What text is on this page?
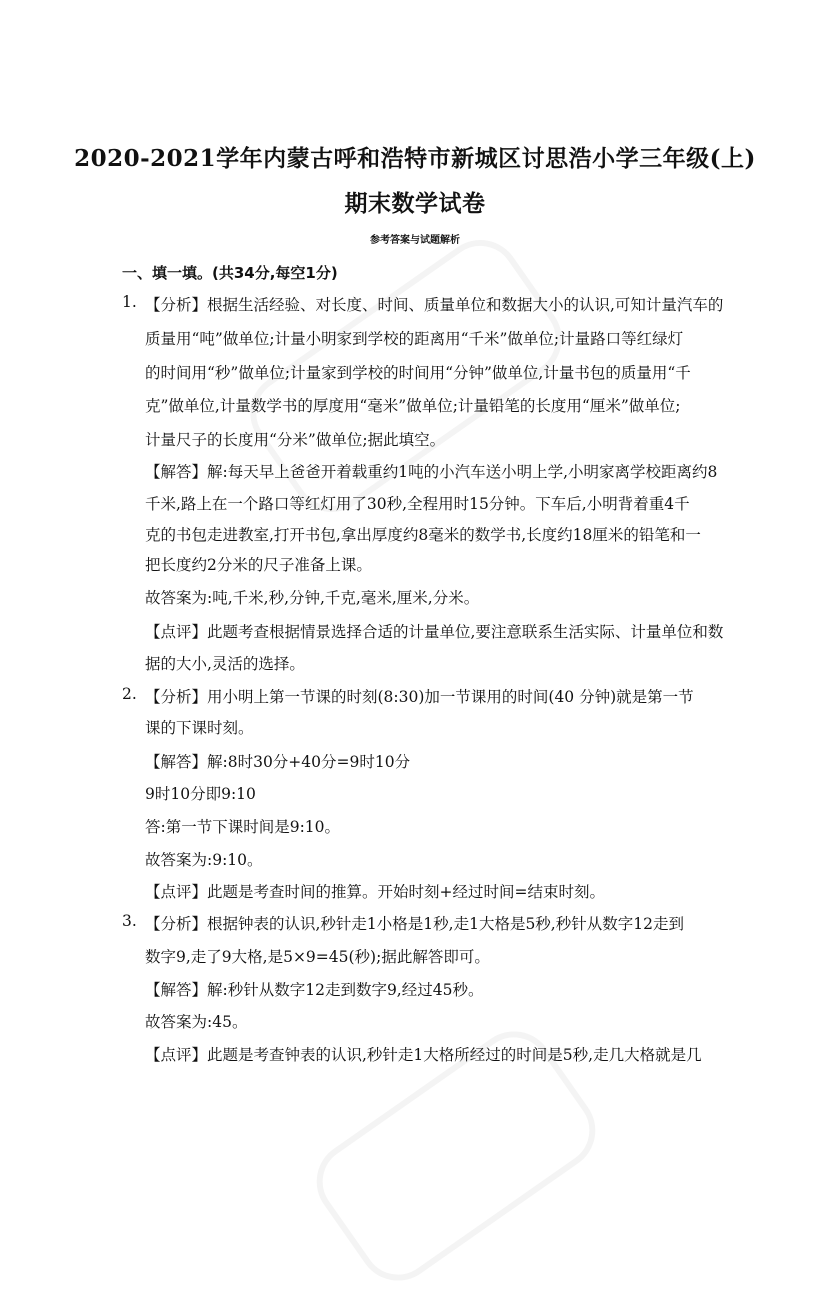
2020-2021学年内蒙古呼和浩特市新城区讨思浩小学三年级(上)
期末数学试卷
参考答案与试题解析
一、填一填。(共34分,每空1分)
1. 【分析】根据生活经验、对长度、时间、质量单位和数据大小的认识,可知计量汽车的
质量用“吨”做单位;计量小明家到学校的距离用“千米”做单位;计量路口等红绿灯
的时间用“秒”做单位;计量家到学校的时间用“分钟”做单位,计量书包的质量用“千
克”做单位,计量数学书的厚度用“毫米”做单位;计量铅笔的长度用“厘米”做单位;
计量尺子的长度用“分米”做单位;据此填空。
【解答】解:每天早上爸爸开着载重约1吨的小汽车送小明上学,小明家离学校距离约8
千米,路上在一个路口等红灯用了30秒,全程用时15分钟。下车后,小明背着重4千
克的书包走进教室,打开书包,拿出厚度约8毫米的数学书,长度约18厘米的铅笔和一
把长度约2分米的尺子准备上课。
故答案为:吨,千米,秒,分钟,千克,毫米,厘米,分米。
【点评】此题考查根据情景选择合适的计量单位,要注意联系生活实际、计量单位和数
据的大小,灵活的选择。
2. 【分析】用小明上第一节课的时刻(8:30)加一节课用的时间(40 分钟)就是第一节
课的下课时刻。
【解答】解:8时30分+40分=9时10分
9时10分即9:10
答:第一节下课时间是9:10。
故答案为:9:10。
【点评】此题是考查时间的推算。开始时刻+经过时间=结束时刻。
3. 【分析】根据钟表的认识,秒针走1小格是1秒,走1大格是5秒,秒针从数字12走到
数字9,走了9大格,是5×9=45(秒);据此解答即可。
【解答】解:秒针从数字12走到数字9,经过45秒。
故答案为:45。
【点评】此题是考查钟表的认识,秒针走1大格所经过的时间是5秒,走几大格就是几
